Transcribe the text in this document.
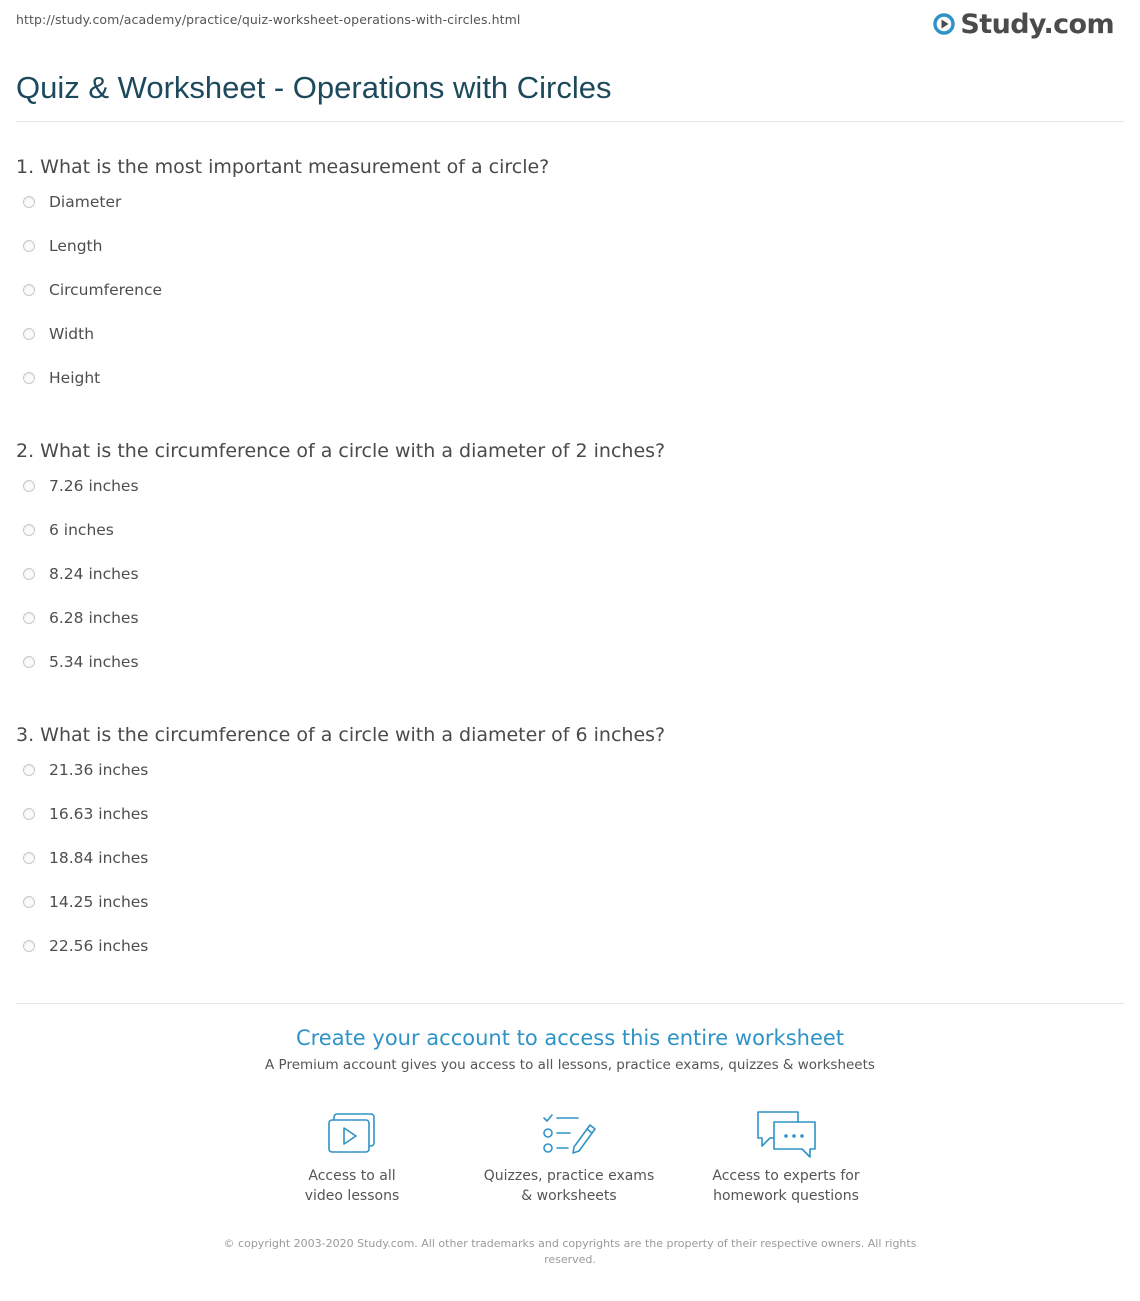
http://study.com/academy/practice/quiz-worksheet-operations-with-circles.html	Study.com
Quiz & Worksheet - Operations with Circles
1. What is the most important measurement of a circle?
Diameter
Length
Circumference
Width
Height
2. What is the circumference of a circle with a diameter of 2 inches?
7.26 inches
6 inches
8.24 inches
6.28 inches
5.34 inches
3. What is the circumference of a circle with a diameter of 6 inches?
21.36 inches
16.63 inches
18.84 inches
14.25 inches
22.56 inches
Create your account to access this entire worksheet
A Premium account gives you access to all lessons, practice exams, quizzes & worksheets
Access to all
video lessons
Quizzes, practice exams
& worksheets
Access to experts for
homework questions
© copyright 2003-2020 Study.com. All other trademarks and copyrights are the property of their respective owners. All rights
reserved.
